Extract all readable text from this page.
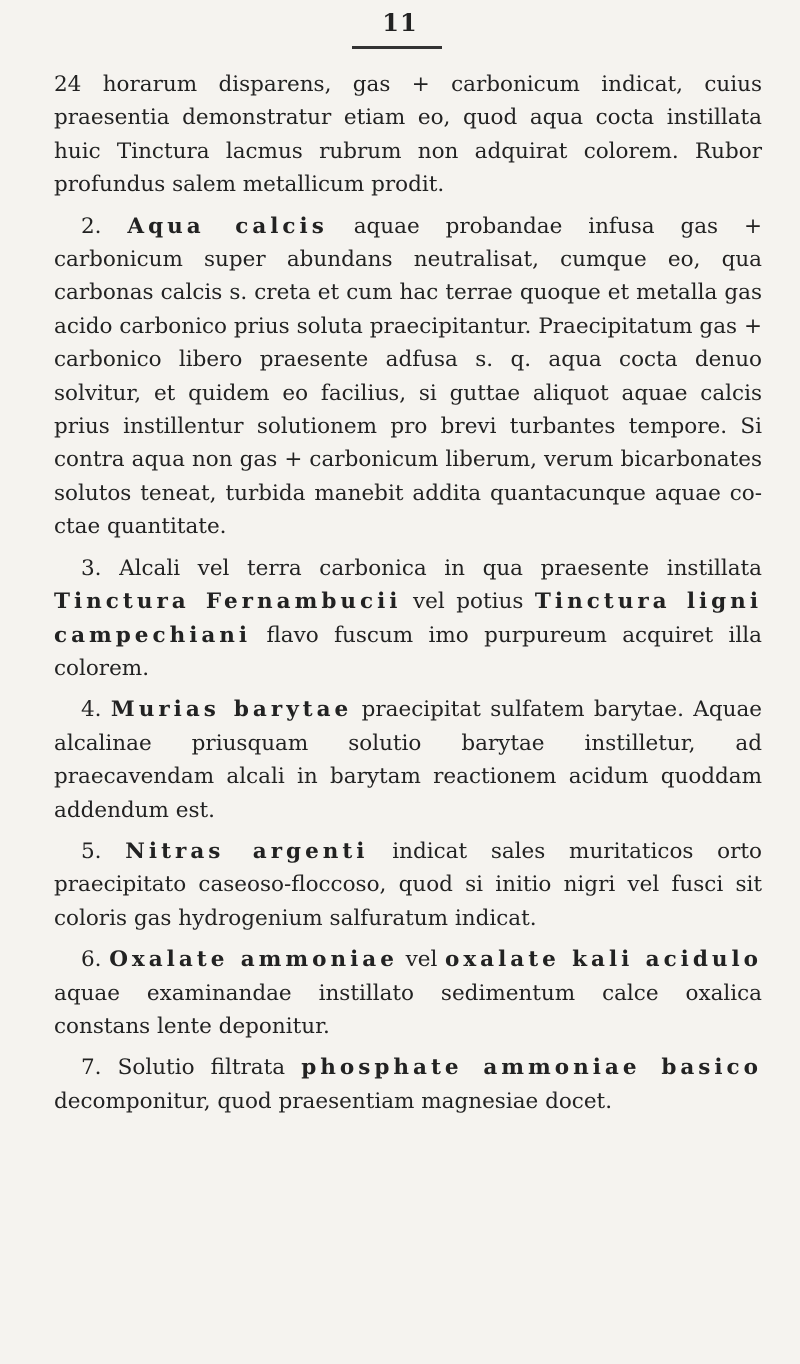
11

24 horarum disparens, gas + carbonicum indicat, cuius praesentia demonstratur etiam eo, quod aqua cocta instillata huic Tinctura lacmus rubrum non adquirat colorem. Rubor profundus salem metallicum prodit.

2. Aqua calcis aquae probandae infusa gas + carbonicum super abundans neutralisat, cumque eo, qua carbonas calcis s. creta et cum hac terrae quoque et metalla gas acido carbonico prius soluta praecipitantur. Praecipitatum gas + carbonico libero praesente adfusa s. q. aqua cocta denuo solvitur, et quidem eo facilius, si guttae aliquot aquae calcis prius instillentur solutionem pro brevi turbantes tempore. Si contra aqua non gas + carbonicum liberum, verum bicarbonates solutos teneat, turbida manebit addita quantacunque aquae coctae quantitate.

3. Alcali vel terra carbonica in qua praesente instillata Tinctura Fernambucii vel potius Tinctura ligni campechiani flavo fuscum imo purpureum acquiret illa colorem.

4. Murias barytae praecipitat sulfatem barytae. Aquae alcalinae priusquam solutio barytae instilletur, ad praecavendam alcali in barytam reactionem acidum quoddam addendum est.

5. Nitras argenti indicat sales muritaticos orto praecipitato caseoso-floccoso, quod si initio nigri vel fusci sit coloris gas hydrogenium salfuratum indicat.

6. Oxalate ammoniae vel oxalate kali acidulo aquae examinandae instillato sedimentum calce oxalica constans lente deponitur.

7. Solutio filtrata phosphate ammoniae basico decomponitur, quod praesentiam magnesiae docet.
